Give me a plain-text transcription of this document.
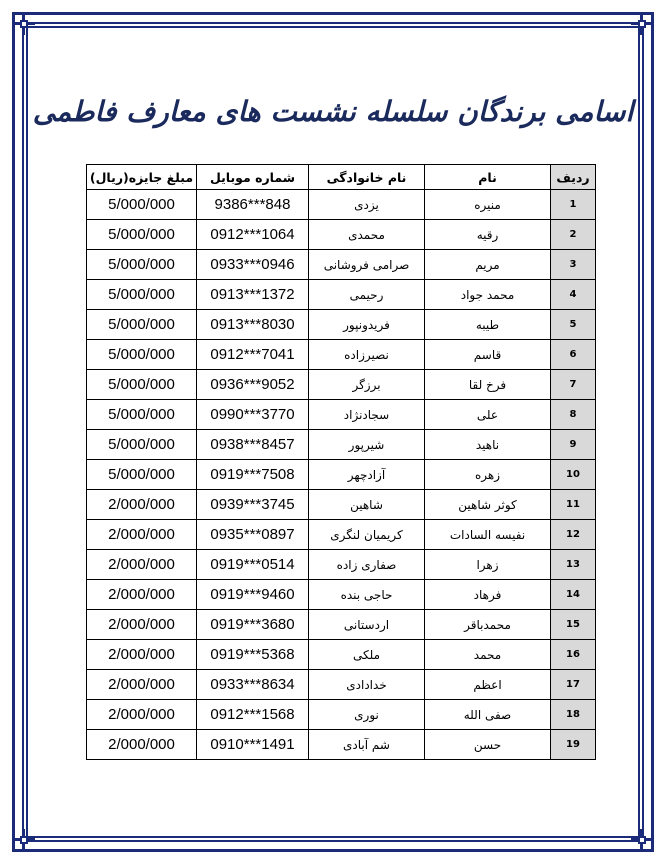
اسامی برندگان سلسله نشست های معارف فاطمی
ردیف	نام	نام خانوادگی	شماره موبایل	مبلغ جایزه(ریال)
1	منیره	یزدی	9386***848	5/000/000
2	رقیه	محمدی	0912***1064	5/000/000
3	مریم	صرامی فروشانی	0933***0946	5/000/000
4	محمد جواد	رحیمی	0913***1372	5/000/000
5	طیبه	فریدونپور	0913***8030	5/000/000
6	قاسم	نصیرزاده	0912***7041	5/000/000
7	فرخ لقا	برزگر	0936***9052	5/000/000
8	علی	سجادنژاد	0990***3770	5/000/000
9	ناهید	شیرپور	0938***8457	5/000/000
10	زهره	آزادچهر	0919***7508	5/000/000
11	کوثر شاهین	شاهین	0939***3745	2/000/000
12	نفیسه السادات	کریمیان لنگری	0935***0897	2/000/000
13	زهرا	صفاری زاده	0919***0514	2/000/000
14	فرهاد	حاجی بنده	0919***9460	2/000/000
15	محمدباقر	اردستانی	0919***3680	2/000/000
16	محمد	ملکی	0919***5368	2/000/000
17	اعظم	خدادادی	0933***8634	2/000/000
18	صفی الله	نوری	0912***1568	2/000/000
19	حسن	شم آبادی	0910***1491	2/000/000
